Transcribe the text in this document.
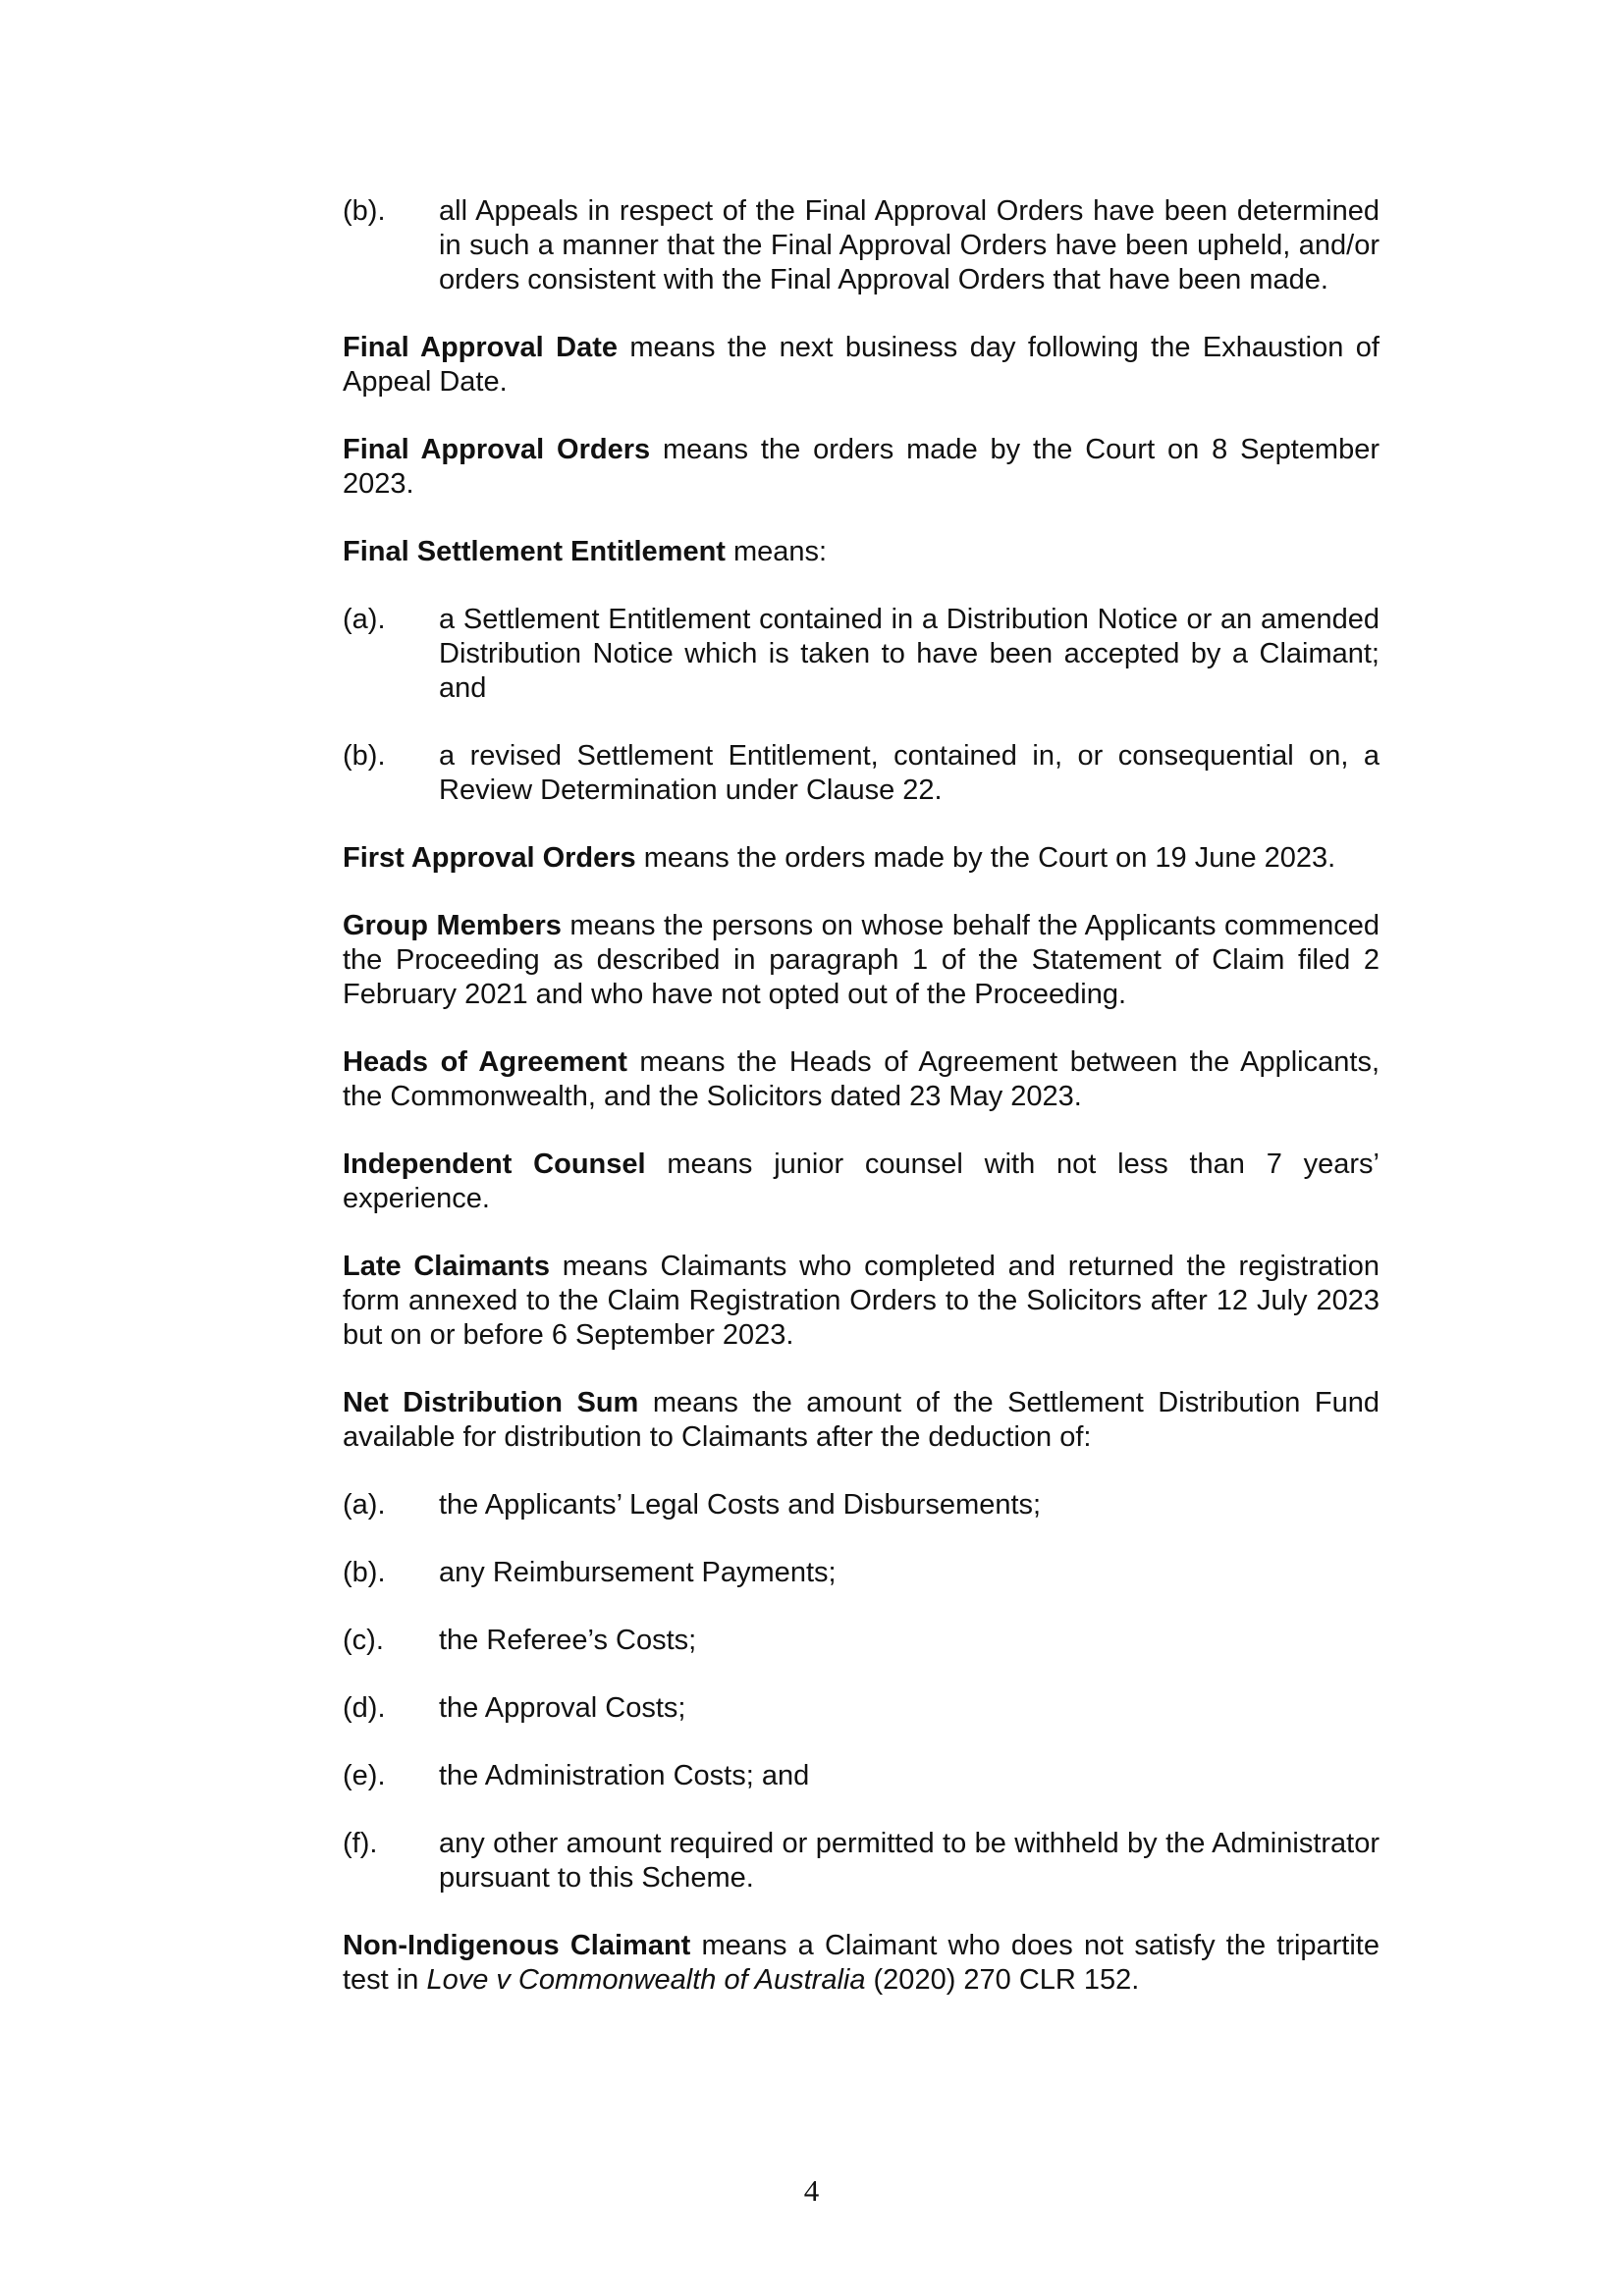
(b).	all Appeals in respect of the Final Approval Orders have been determined in such a manner that the Final Approval Orders have been upheld, and/or orders consistent with the Final Approval Orders that have been made.

Final Approval Date means the next business day following the Exhaustion of Appeal Date.

Final Approval Orders means the orders made by the Court on 8 September 2023.

Final Settlement Entitlement means:

(a).	a Settlement Entitlement contained in a Distribution Notice or an amended Distribution Notice which is taken to have been accepted by a Claimant; and
(b).	a revised Settlement Entitlement, contained in, or consequential on, a Review Determination under Clause 22.

First Approval Orders means the orders made by the Court on 19 June 2023.

Group Members means the persons on whose behalf the Applicants commenced the Proceeding as described in paragraph 1 of the Statement of Claim filed 2 February 2021 and who have not opted out of the Proceeding.

Heads of Agreement means the Heads of Agreement between the Applicants, the Commonwealth, and the Solicitors dated 23 May 2023.

Independent Counsel means junior counsel with not less than 7 years’ experience.

Late Claimants means Claimants who completed and returned the registration form annexed to the Claim Registration Orders to the Solicitors after 12 July 2023 but on or before 6 September 2023.

Net Distribution Sum means the amount of the Settlement Distribution Fund available for distribution to Claimants after the deduction of:

(a).	the Applicants’ Legal Costs and Disbursements;
(b).	any Reimbursement Payments;
(c).	the Referee’s Costs;
(d).	the Approval Costs;
(e).	the Administration Costs; and
(f).	any other amount required or permitted to be withheld by the Administrator pursuant to this Scheme.

Non-Indigenous Claimant means a Claimant who does not satisfy the tripartite test in Love v Commonwealth of Australia (2020) 270 CLR 152.

4
